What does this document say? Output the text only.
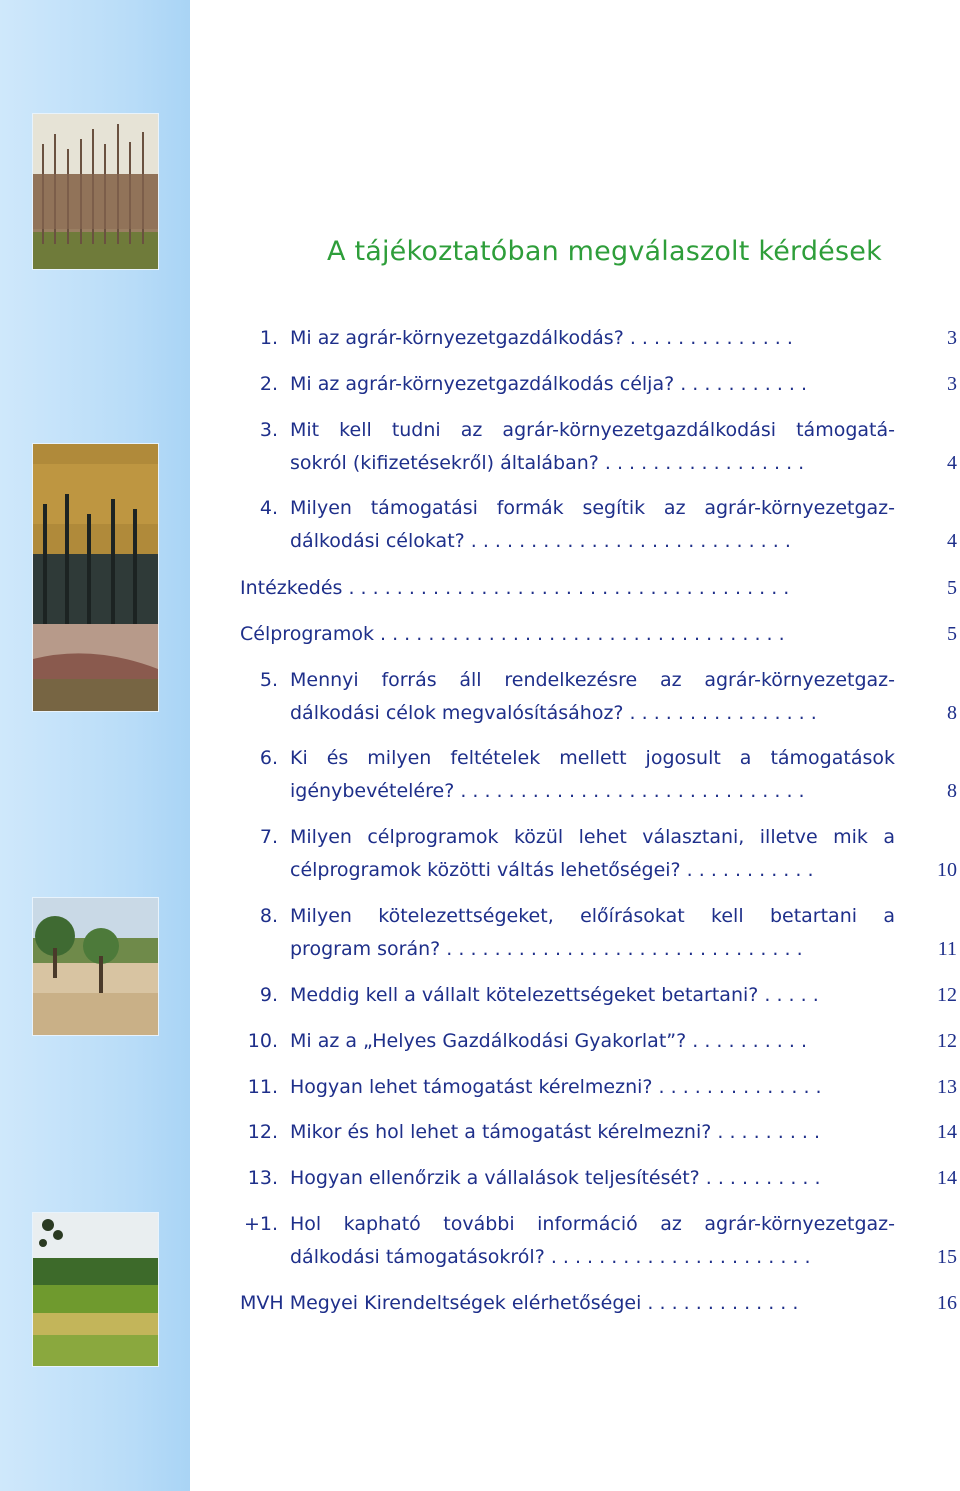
A tájékoztatóban megválaszolt kérdések
1. Mi az agrár-környezetgazdálkodás? . . . . . . . . . . . . . .	3
2. Mi az agrár-környezetgazdálkodás célja? . . . . . . . . . . .	3
3. Mit kell tudni az agrár-környezetgazdálkodási támogatá-
sokról (kifizetésekről) általában? . . . . . . . . . . . . . . . . .	4
4. Milyen támogatási formák segítik az agrár-környezetgaz-
dálkodási célokat? . . . . . . . . . . . . . . . . . . . . . . . . . . .	4
Intézkedés . . . . . . . . . . . . . . . . . . . . . . . . . . . . . . . . . . . . .	5
Célprogramok . . . . . . . . . . . . . . . . . . . . . . . . . . . . . . . . . .	5
5. Mennyi forrás áll rendelkezésre az agrár-környezetgaz-
dálkodási célok megvalósításához? . . . . . . . . . . . . . . . .	8
6. Ki és milyen feltételek mellett jogosult a támogatások
igénybevételére? . . . . . . . . . . . . . . . . . . . . . . . . . . . . .	8
7. Milyen célprogramok közül lehet választani, illetve mik a
célprogramok közötti váltás lehetőségei? . . . . . . . . . . .	10
8. Milyen kötelezettségeket, előírásokat kell betartani a
program során? . . . . . . . . . . . . . . . . . . . . . . . . . . . . . .	11
9. Meddig kell a vállalt kötelezettségeket betartani? . . . . .	12
10. Mi az a „Helyes Gazdálkodási Gyakorlat”? . . . . . . . . . .	12
11. Hogyan lehet támogatást kérelmezni? . . . . . . . . . . . . . .	13
12. Mikor és hol lehet a támogatást kérelmezni? . . . . . . . . .	14
13. Hogyan ellenőrzik a vállalások teljesítését? . . . . . . . . . .	14
+1. Hol kapható további információ az agrár-környezetgaz-
dálkodási támogatásokról? . . . . . . . . . . . . . . . . . . . . . .	15
MVH Megyei Kirendeltségek elérhetőségei . . . . . . . . . . . . .	16
